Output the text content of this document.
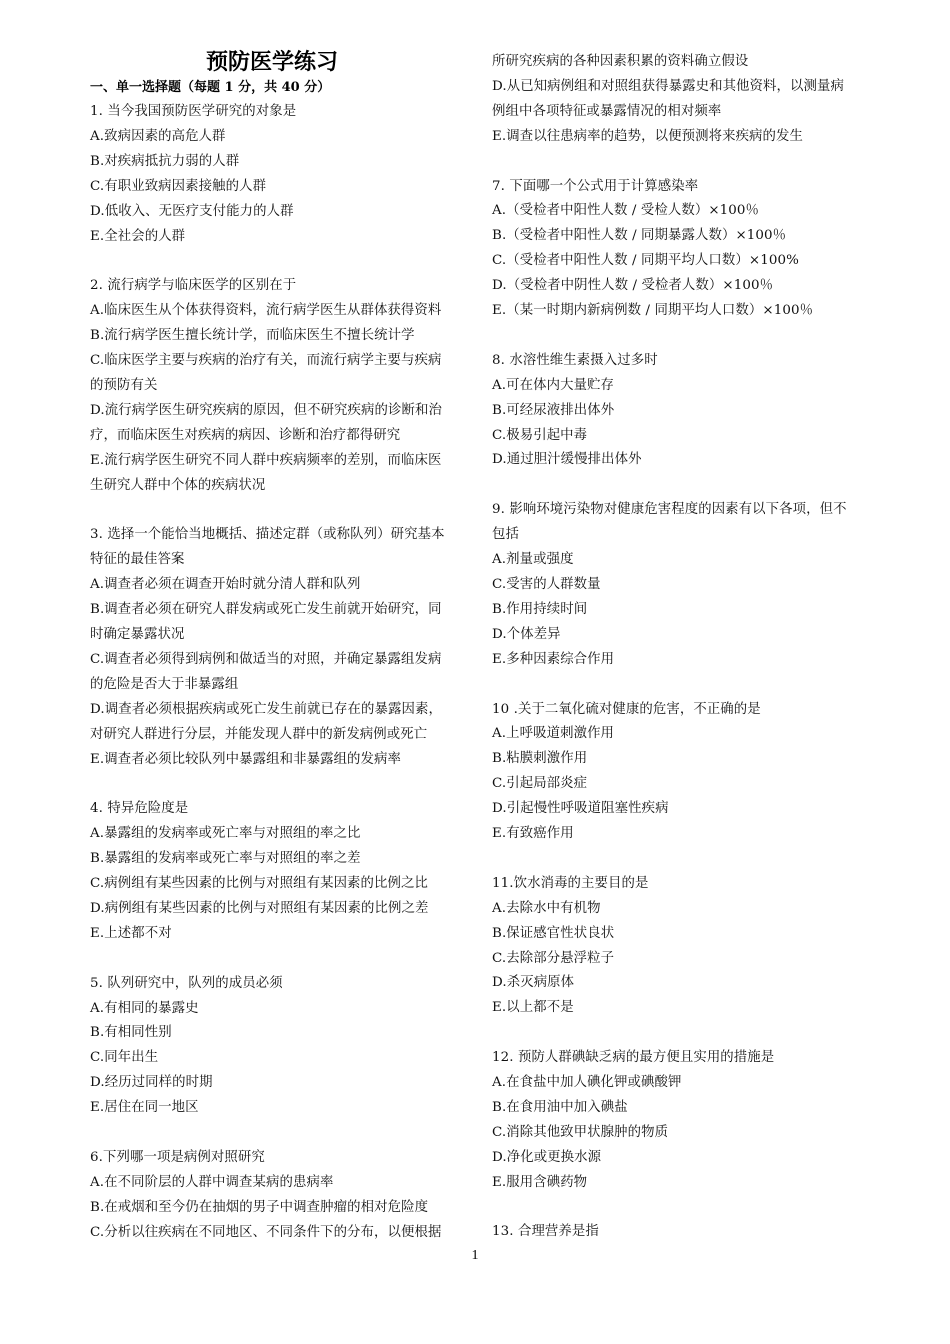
预防医学练习
一、单一选择题（每题 1 分，共 40 分）
1. 当今我国预防医学研究的对象是
A.致病因素的高危人群
B.对疾病抵抗力弱的人群
C.有职业致病因素接触的人群
D.低收入、无医疗支付能力的人群
E.全社会的人群
2. 流行病学与临床医学的区别在于
A.临床医生从个体获得资料，流行病学医生从群体获得资料
B.流行病学医生擅长统计学，而临床医生不擅长统计学
C.临床医学主要与疾病的治疗有关，而流行病学主要与疾病
的预防有关
D.流行病学医生研究疾病的原因，但不研究疾病的诊断和治
疗，而临床医生对疾病的病因、诊断和治疗都得研究
E.流行病学医生研究不同人群中疾病频率的差别，而临床医
生研究人群中个体的疾病状况
3. 选择一个能恰当地概括、描述定群（或称队列）研究基本
特征的最佳答案
A.调查者必须在调查开始时就分清人群和队列
B.调查者必须在研究人群发病或死亡发生前就开始研究，同
时确定暴露状况
C.调查者必须得到病例和做适当的对照，并确定暴露组发病
的危险是否大于非暴露组
D.调查者必须根据疾病或死亡发生前就已存在的暴露因素，
对研究人群进行分层，并能发现人群中的新发病例或死亡
E.调查者必须比较队列中暴露组和非暴露组的发病率
4. 特异危险度是
A.暴露组的发病率或死亡率与对照组的率之比
B.暴露组的发病率或死亡率与对照组的率之差
C.病例组有某些因素的比例与对照组有某因素的比例之比
D.病例组有某些因素的比例与对照组有某因素的比例之差
E.上述都不对
5. 队列研究中，队列的成员必须
A.有相同的暴露史
B.有相同性别
C.同年出生
D.经历过同样的时期
E.居住在同一地区
6.下列哪一项是病例对照研究
A.在不同阶层的人群中调查某病的患病率
B.在戒烟和至今仍在抽烟的男子中调查肿瘤的相对危险度
C.分析以往疾病在不同地区、不同条件下的分布，以便根据
所研究疾病的各种因素积累的资料确立假设
D.从已知病例组和对照组获得暴露史和其他资料，以测量病
例组中各项特征或暴露情况的相对频率
E.调查以往患病率的趋势，以便预测将来疾病的发生
7. 下面哪一个公式用于计算感染率
A.（受检者中阳性人数 / 受检人数）×100％
B.（受检者中阳性人数 / 同期暴露人数）×100％
C.（受检者中阳性人数 / 同期平均人口数）×100%
D.（受检者中阴性人数 / 受检者人数）×100％
E.（某一时期内新病例数 / 同期平均人口数）×100％
8. 水溶性维生素摄入过多时
A.可在体内大量贮存
B.可经尿液排出体外
C.极易引起中毒
D.通过胆汁缓慢排出体外
9. 影响环境污染物对健康危害程度的因素有以下各项，但不
包括
A.剂量或强度
C.受害的人群数量
B.作用持续时间
D.个体差异
E.多种因素综合作用
10 .关于二氧化硫对健康的危害，不正确的是
A.上呼吸道刺激作用
B.粘膜刺激作用
C.引起局部炎症
D.引起慢性呼吸道阻塞性疾病
E.有致癌作用
11.饮水消毒的主要目的是
A.去除水中有机物
B.保证感官性状良状
C.去除部分悬浮粒子
D.杀灭病原体
E.以上都不是
12. 预防人群碘缺乏病的最方便且实用的措施是
A.在食盐中加人碘化钾或碘酸钾
B.在食用油中加入碘盐
C.消除其他致甲状腺肿的物质
D.净化或更换水源
E.服用含碘药物
13. 合理营养是指
1
